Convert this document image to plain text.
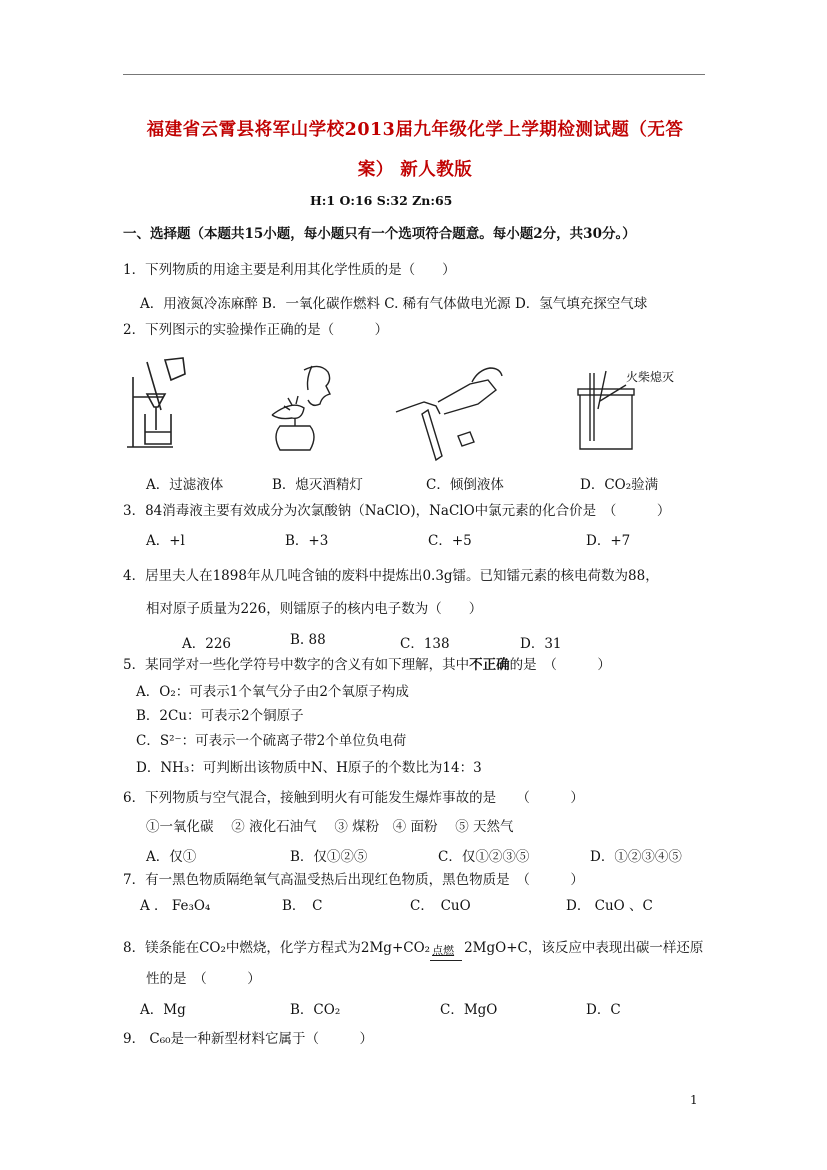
福建省云霄县将军山学校2013届九年级化学上学期检测试题（无答
案） 新人教版
H:1 O:16 S:32 Zn:65
一、选择题（本题共15小题，每小题只有一个选项符合题意。每小题2分，共30分。）
1．下列物质的用途主要是利用其化学性质的是（　　）
A．用液氮冷冻麻醉 B．一氧化碳作燃料 C. 稀有气体做电光源 D．氢气填充探空气球
2．下列图示的实验操作正确的是（　　　）
火柴熄灭
A．过滤液体	B．熄灭酒精灯	C．倾倒液体	D．CO₂验满
3．84消毒液主要有效成分为次氯酸钠（NaClO)，NaClO中氯元素的化合价是　（　　　）
A．+l	B．+3	C．+5	D．+7
4．居里夫人在1898年从几吨含铀的废料中提炼出0.3g镭。已知镭元素的核电荷数为88，
相对原子质量为226，则镭原子的核内电子数为（　　）
A．226	B. 88	C．138	D．31
5．某同学对一些化学符号中数字的含义有如下理解，其中不正确的是　（　　　）
A．O₂：可表示1个氧气分子由2个氧原子构成
B．2Cu：可表示2个铜原子
C．S²⁻：可表示一个硫离子带2个单位负电荷
D．NH₃：可判断出该物质中N、H原子的个数比为14：3
6．下列物质与空气混合，接触到明火有可能发生爆炸事故的是　　（　　　）
①一氧化碳　 ② 液化石油气　 ③ 煤粉　④ 面粉　 ⑤ 天然气
A．仅①	B．仅①②⑤	C．仅①②③⑤	D．①②③④⑤
7．有一黑色物质隔绝氧气高温受热后出现红色物质，黑色物质是　（　　　）
A ． Fe₃O₄	B．　C	C．　CuO	D． CuO 、C
8．镁条能在CO₂中燃烧，化学方程式为2Mg+CO₂ 点燃 2MgO+C，该反应中表现出碳一样还原
性的是　（　　　）
A．Mg	B．CO₂	C．MgO	D．C
9． C₆₀是一种新型材料它属于（　　　）
1
